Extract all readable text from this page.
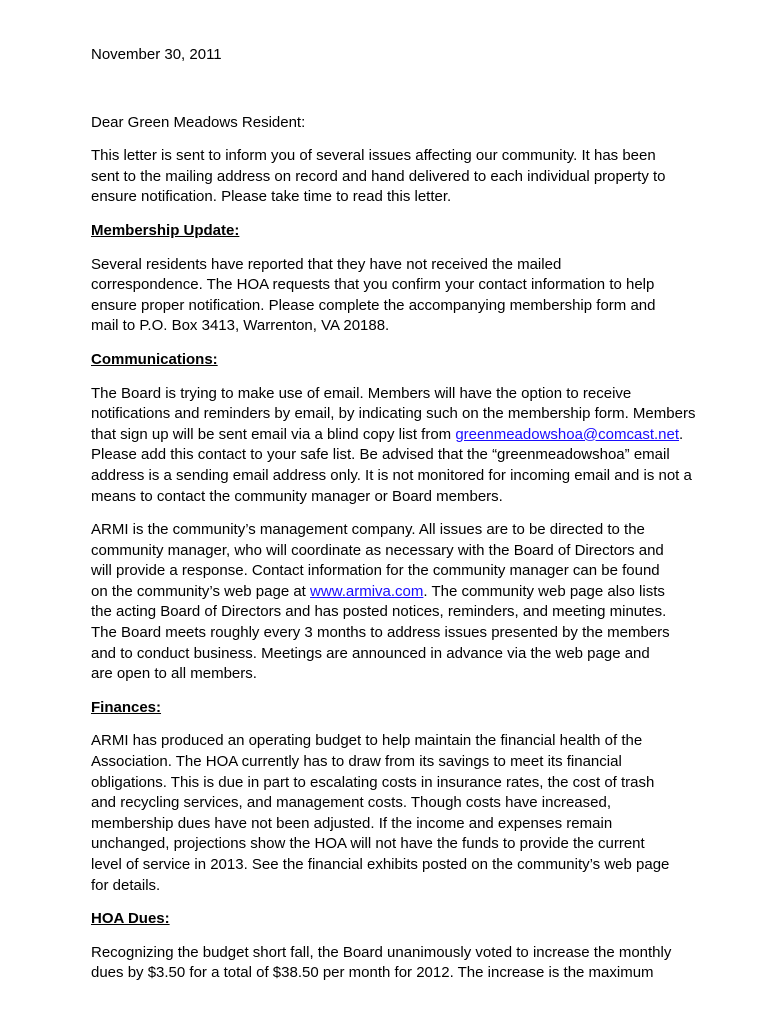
November 30, 2011
Dear Green Meadows Resident:
This letter is sent to inform you of several issues affecting our community. It has been
sent to the mailing address on record and hand delivered to each individual property to
ensure notification. Please take time to read this letter.
Membership Update:
Several residents have reported that they have not received the mailed
correspondence. The HOA requests that you confirm your contact information to help
ensure proper notification. Please complete the accompanying membership form and
mail to P.O. Box 3413, Warrenton, VA 20188.
Communications:
The Board is trying to make use of email. Members will have the option to receive
notifications and reminders by email, by indicating such on the membership form. Members
that sign up will be sent email via a blind copy list from greenmeadowshoa@comcast.net.
Please add this contact to your safe list. Be advised that the “greenmeadowshoa” email
address is a sending email address only. It is not monitored for incoming email and is not a
means to contact the community manager or Board members.
ARMI is the community’s management company. All issues are to be directed to the
community manager, who will coordinate as necessary with the Board of Directors and
will provide a response. Contact information for the community manager can be found
on the community’s web page at www.armiva.com. The community web page also lists
the acting Board of Directors and has posted notices, reminders, and meeting minutes.
The Board meets roughly every 3 months to address issues presented by the members
and to conduct business. Meetings are announced in advance via the web page and
are open to all members.
Finances:
ARMI has produced an operating budget to help maintain the financial health of the
Association. The HOA currently has to draw from its savings to meet its financial
obligations. This is due in part to escalating costs in insurance rates, the cost of trash
and recycling services, and management costs. Though costs have increased,
membership dues have not been adjusted. If the income and expenses remain
unchanged, projections show the HOA will not have the funds to provide the current
level of service in 2013. See the financial exhibits posted on the community’s web page
for details.
HOA Dues:
Recognizing the budget short fall, the Board unanimously voted to increase the monthly
dues by $3.50 for a total of $38.50 per month for 2012. The increase is the maximum
